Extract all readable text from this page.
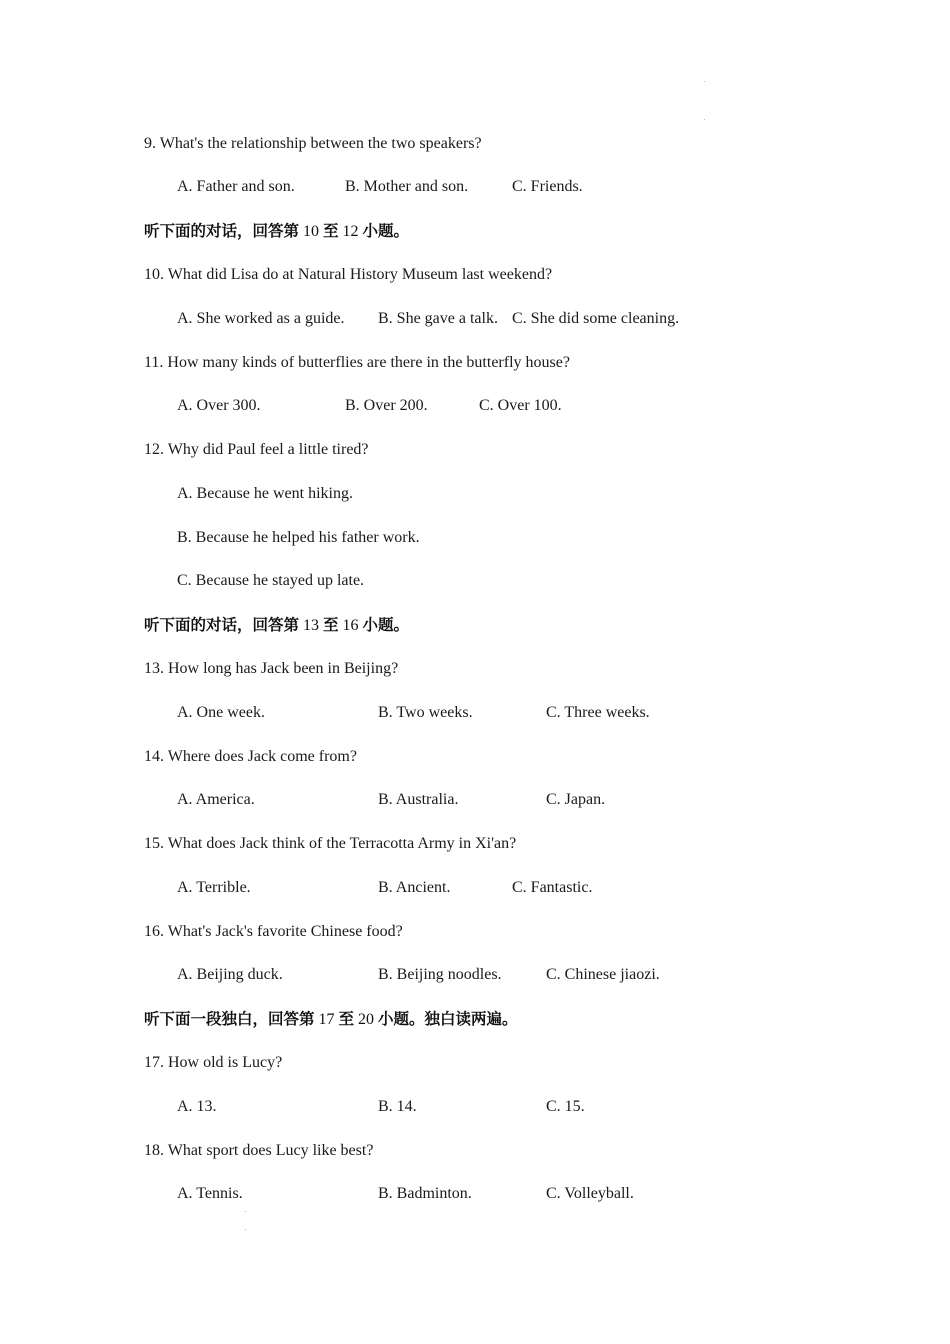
9. What's the relationship between the two speakers?
A. Father and son.	B. Mother and son.	C. Friends.
听下面的对话，回答第 10 至 12 小题。
10. What did Lisa do at Natural History Museum last weekend?
A. She worked as a guide. B. She gave a talk. C. She did some cleaning.
11. How many kinds of butterflies are there in the butterfly house?
A. Over 300.	B. Over 200.	C. Over 100.
12. Why did Paul feel a little tired?
A. Because he went hiking.
B. Because he helped his father work.
C. Because he stayed up late.
听下面的对话，回答第 13 至 16 小题。
13. How long has Jack been in Beijing?
A. One week.	B. Two weeks.	C. Three weeks.
14. Where does Jack come from?
A. America.	B. Australia.	C. Japan.
15. What does Jack think of the Terracotta Army in Xi'an?
A. Terrible.	B. Ancient.	C. Fantastic.
16. What's Jack's favorite Chinese food?
A. Beijing duck.	B. Beijing noodles.	C. Chinese jiaozi.
听下面一段独白，回答第 17 至 20 小题。独白读两遍。
17. How old is Lucy?
A. 13.	B. 14.	C. 15.
18. What sport does Lucy like best?
A. Tennis.	B. Badminton.	C. Volleyball.
